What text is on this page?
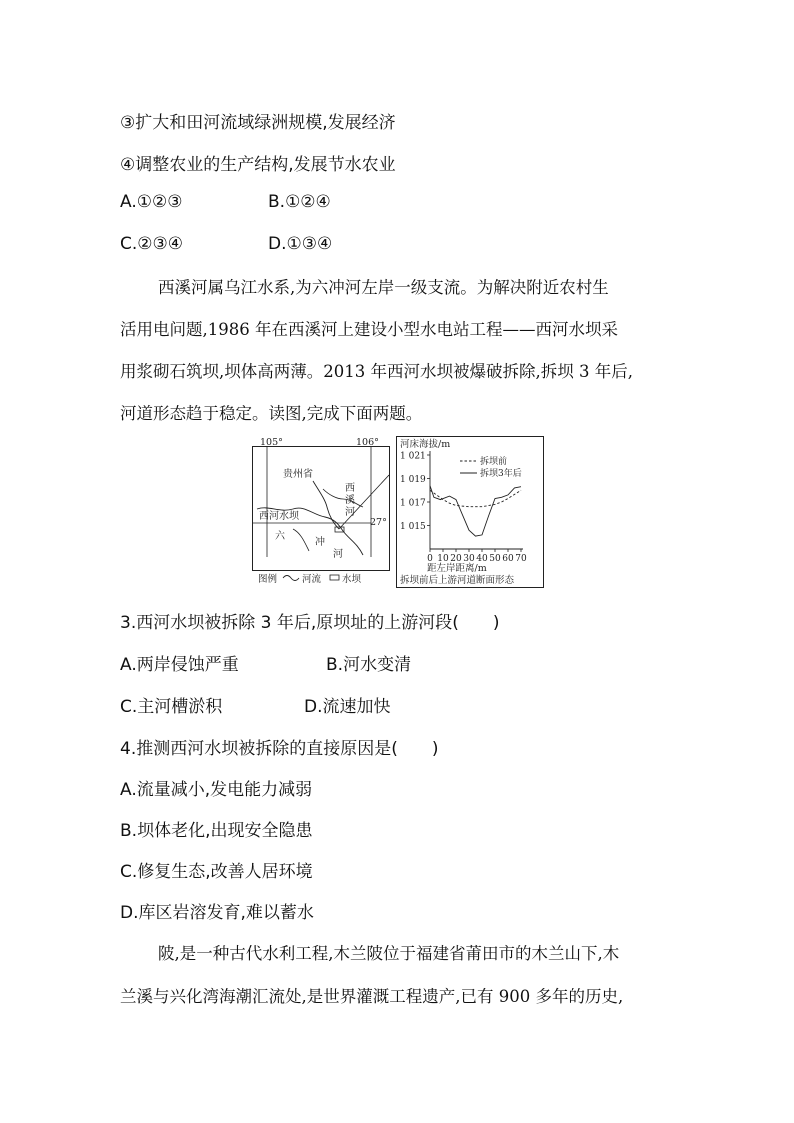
③扩大和田河流域绿洲规模,发展经济
④调整农业的生产结构,发展节水农业
A.①②③	B.①②④
C.②③④	D.①③④
西溪河属乌江水系,为六冲河左岸一级支流。为解决附近农村生
活用电问题,1986 年在西溪河上建设小型水电站工程——西河水坝采
用浆砌石筑坝,坝体高两薄。2013 年西河水坝被爆破拆除,拆坝 3 年后,
河道形态趋于稳定。读图,完成下面两题。
贵州省
西河水坝
西
溪
河
六
冲
河
105°	106°
27°
图例	河流 水坝
河床海拔/m
距左岸距离/m
拆坝前后上游河道断面形态
1 021
1 019
1 017
1 015
0 10 20 30 40 50 60 70
拆坝前
拆坝3年后
3.西河水坝被拆除 3 年后,原坝址的上游河段(　　)
A.两岸侵蚀严重	B.河水变清
C.主河槽淤积	D.流速加快
4.推测西河水坝被拆除的直接原因是(　　)
A.流量减小,发电能力减弱
B.坝体老化,出现安全隐患
C.修复生态,改善人居环境
D.库区岩溶发育,难以蓄水
陂,是一种古代水利工程,木兰陂位于福建省莆田市的木兰山下,木
兰溪与兴化湾海潮汇流处,是世界灌溉工程遗产,已有 900 多年的历史,
